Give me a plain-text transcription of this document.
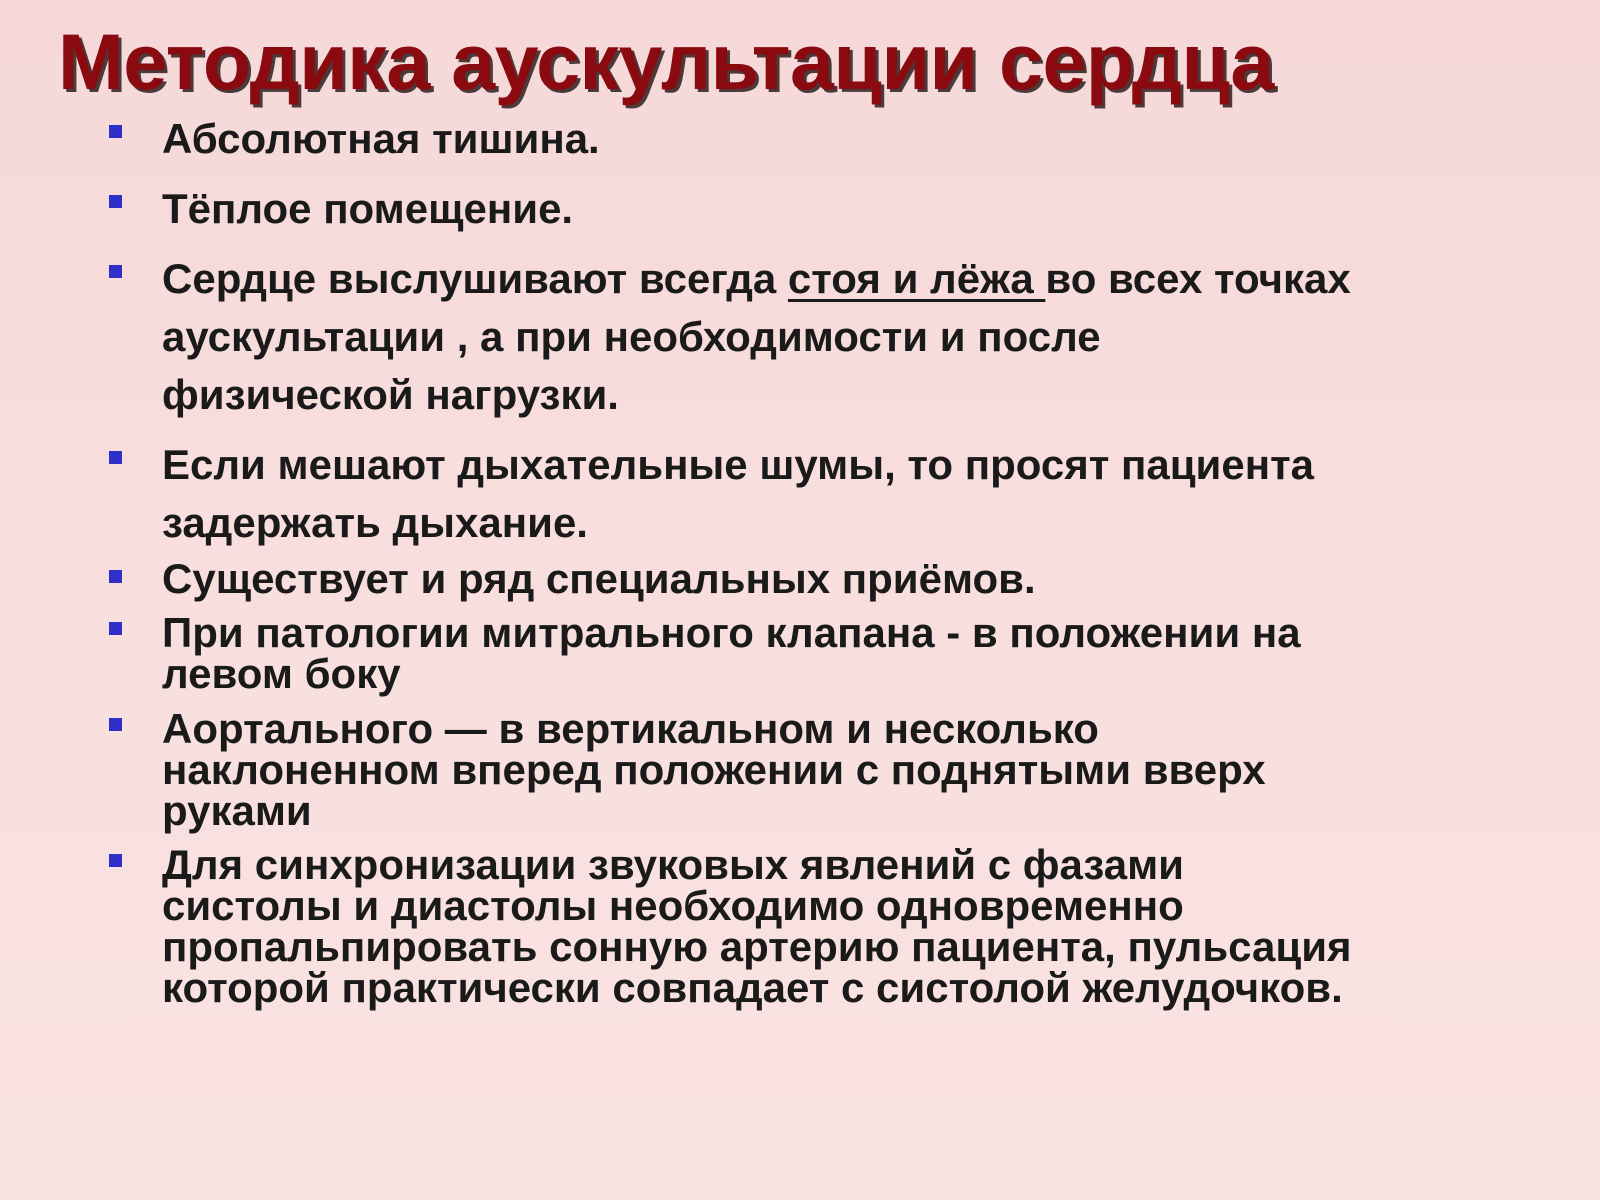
Методика аускультации сердца
Абсолютная тишина.
Тёплое помещение.
Сердце выслушивают всегда стоя и лёжа во всех точках
аускультации , а при необходимости и после
физической нагрузки.
Если мешают дыхательные шумы, то просят пациента
задержать дыхание.
Существует и ряд специальных приёмов.
При патологии митрального клапана - в положении на
левом боку
Аортального — в вертикальном и несколько
наклоненном вперед положении с поднятыми вверх
руками
Для синхронизации звуковых явлений с фазами
систолы и диастолы необходимо одновременно
пропальпировать сонную артерию пациента, пульсация
которой практически совпадает с систолой желудочков.
